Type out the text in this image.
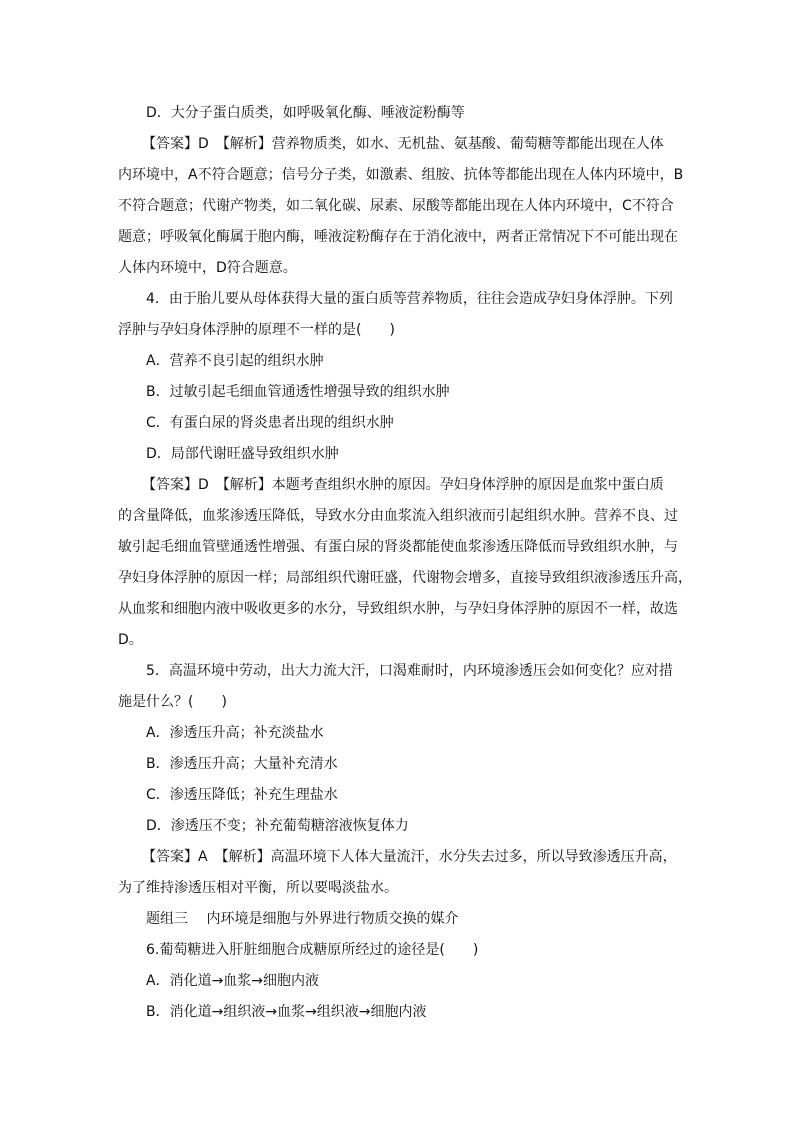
D．大分子蛋白质类，如呼吸氧化酶、唾液淀粉酶等
【答案】D　【解析】营养物质类，如水、无机盐、氨基酸、葡萄糖等都能出现在人体
内环境中，A不符合题意；信号分子类，如激素、组胺、抗体等都能出现在人体内环境中，B
不符合题意；代谢产物类，如二氧化碳、尿素、尿酸等都能出现在人体内环境中，C不符合
题意；呼吸氧化酶属于胞内酶，唾液淀粉酶存在于消化液中，两者正常情况下不可能出现在
人体内环境中，D符合题意。
4．由于胎儿要从母体获得大量的蛋白质等营养物质，往往会造成孕妇身体浮肿。下列
浮肿与孕妇身体浮肿的原理不一样的是(　　)
A．营养不良引起的组织水肿
B．过敏引起毛细血管通透性增强导致的组织水肿
C．有蛋白尿的肾炎患者出现的组织水肿
D．局部代谢旺盛导致组织水肿
【答案】D　【解析】本题考查组织水肿的原因。孕妇身体浮肿的原因是血浆中蛋白质
的含量降低，血浆渗透压降低，导致水分由血浆流入组织液而引起组织水肿。营养不良、过
敏引起毛细血管壁通透性增强、有蛋白尿的肾炎都能使血浆渗透压降低而导致组织水肿，与
孕妇身体浮肿的原因一样；局部组织代谢旺盛，代谢物会增多，直接导致组织液渗透压升高，
从血浆和细胞内液中吸收更多的水分，导致组织水肿，与孕妇身体浮肿的原因不一样，故选
D。
5．高温环境中劳动，出大力流大汗，口渴难耐时，内环境渗透压会如何变化？应对措
施是什么？(　　)
A．渗透压升高；补充淡盐水
B．渗透压升高；大量补充清水
C．渗透压降低；补充生理盐水
D．渗透压不变；补充葡萄糖溶液恢复体力
【答案】A　【解析】高温环境下人体大量流汗，水分失去过多，所以导致渗透压升高，
为了维持渗透压相对平衡，所以要喝淡盐水。
题组三　 内环境是细胞与外界进行物质交换的媒介
6.葡萄糖进入肝脏细胞合成糖原所经过的途径是(　　)
A．消化道→血浆→细胞内液
B．消化道→组织液→血浆→组织液→细胞内液
